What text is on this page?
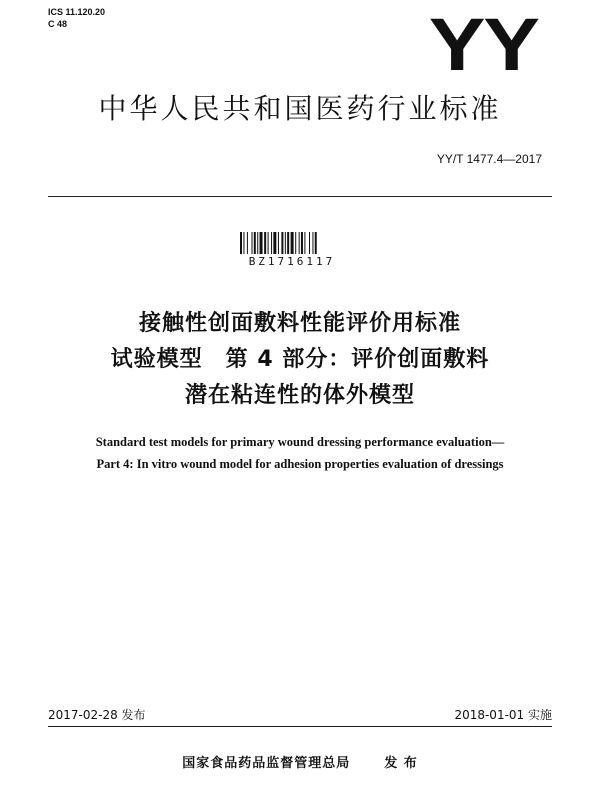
ICS 11.120.20
C 48	YY
中华人民共和国医药行业标准
YY/T 1477.4—2017
BZ1716117
接触性创面敷料性能评价用标准
试验模型　第 4 部分：评价创面敷料
潜在粘连性的体外模型
Standard test models for primary wound dressing performance evaluation—
Part 4: In vitro wound model for adhesion properties evaluation of dressings
2017-02-28 发布	2018-01-01 实施
国家食品药品监督管理总局	发 布
